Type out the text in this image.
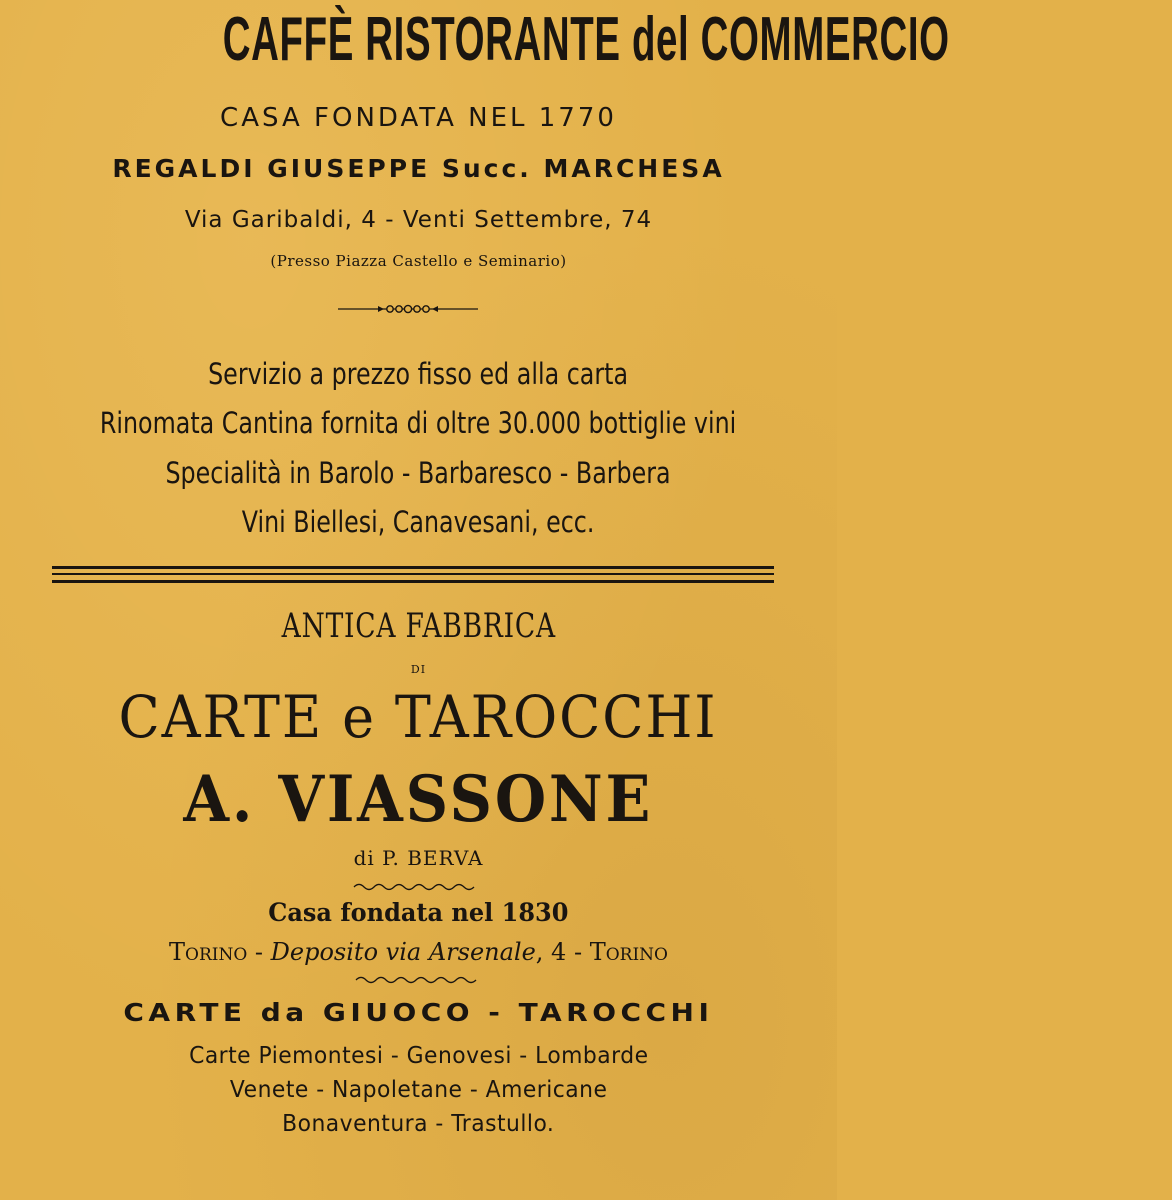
CAFFÈ RISTORANTE del COMMERCIO
CASA FONDATA NEL 1770
REGALDI GIUSEPPE Succ. MARCHESA
Via Garibaldi, 4 - Venti Settembre, 74
(Presso Piazza Castello e Seminario)
Servizio a prezzo fisso ed alla carta
Rinomata Cantina fornita di oltre 30.000 bottiglie vini
Specialità in Barolo - Barbaresco - Barbera
Vini Biellesi, Canavesani, ecc.
ANTICA FABBRICA
DI
CARTE e TAROCCHI
A. VIASSONE
di P. BERVA
Casa fondata nel 1830
Torino - Deposito via Arsenale, 4 - Torino
CARTE da GIUOCO - TAROCCHI
Carte Piemontesi - Genovesi - Lombarde
Venete - Napoletane - Americane
Bonaventura - Trastullo.
